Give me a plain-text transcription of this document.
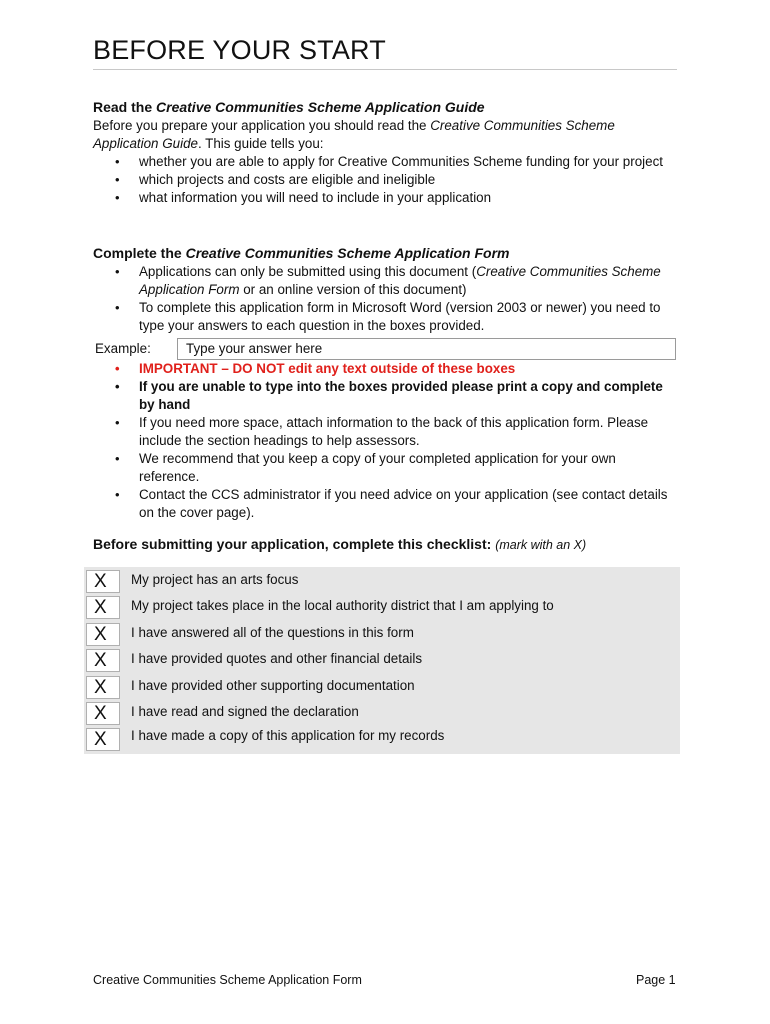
BEFORE YOUR START
Read the Creative Communities Scheme Application Guide
Before you prepare your application you should read the Creative Communities Scheme Application Guide. This guide tells you:
• whether you are able to apply for Creative Communities Scheme funding for your project
• which projects and costs are eligible and ineligible
• what information you will need to include in your application
Complete the Creative Communities Scheme Application Form
• Applications can only be submitted using this document (Creative Communities Scheme Application Form or an online version of this document)
• To complete this application form in Microsoft Word (version 2003 or newer) you need to type your answers to each question in the boxes provided.
Example:	Type your answer here
• IMPORTANT – DO NOT edit any text outside of these boxes
• If you are unable to type into the boxes provided please print a copy and complete by hand
• If you need more space, attach information to the back of this application form. Please include the section headings to help assessors.
• We recommend that you keep a copy of your completed application for your own reference.
• Contact the CCS administrator if you need advice on your application (see contact details on the cover page).
Before submitting your application, complete this checklist: (mark with an X)
X	My project has an arts focus
X	My project takes place in the local authority district that I am applying to
X	I have answered all of the questions in this form
X	I have provided quotes and other financial details
X	I have provided other supporting documentation
X	I have read and signed the declaration
X	I have made a copy of this application for my records
Creative Communities Scheme Application Form	Page 1
